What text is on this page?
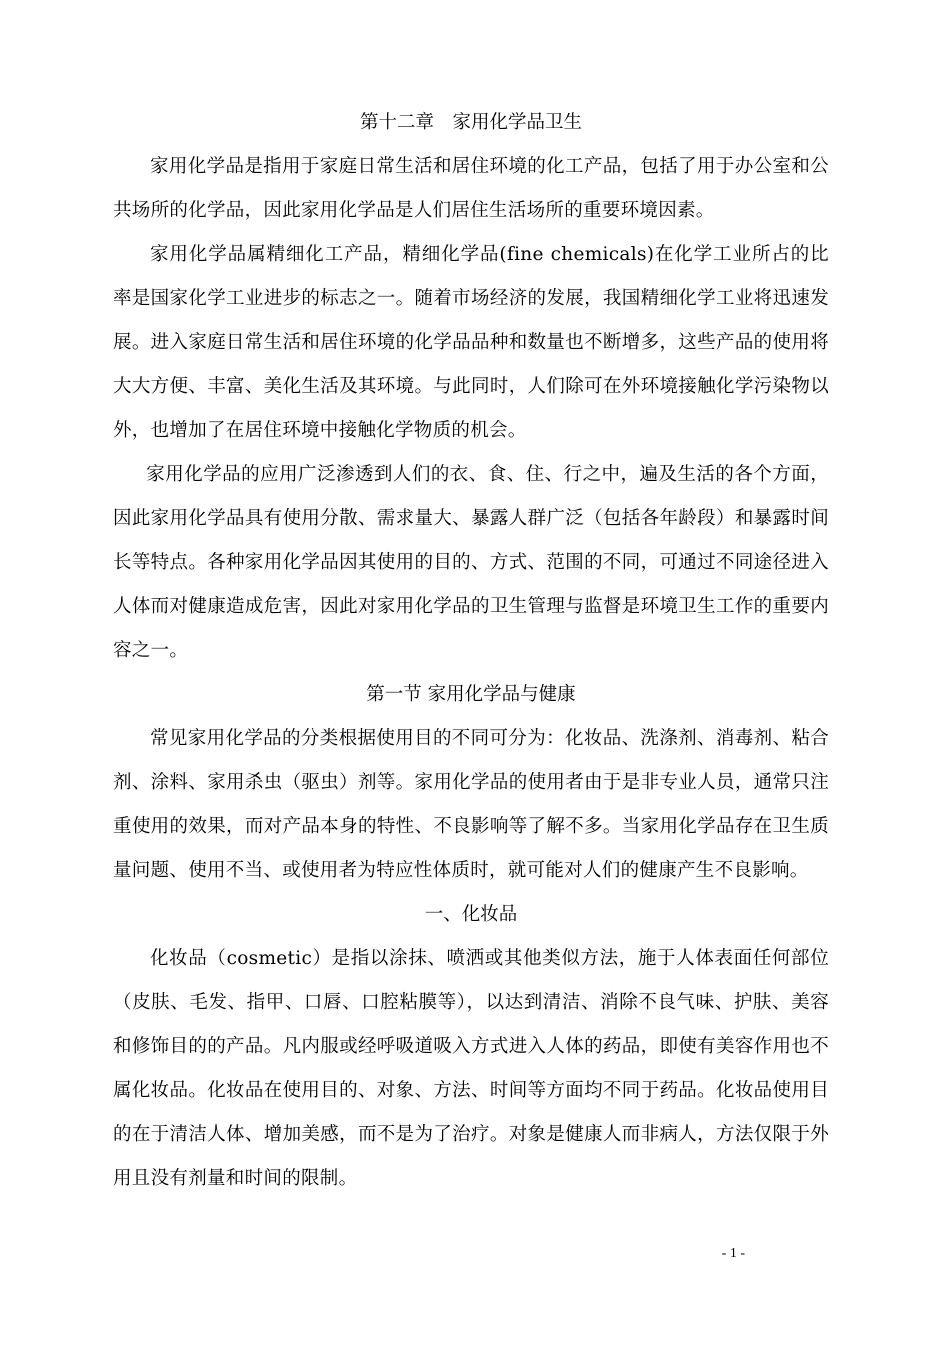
第十二章　家用化学品卫生

家用化学品是指用于家庭日常生活和居住环境的化工产品，包括了用于办公室和公共场所的化学品，因此家用化学品是人们居住生活场所的重要环境因素。

家用化学品属精细化工产品，精细化学品(fine chemicals)在化学工业所占的比率是国家化学工业进步的标志之一。随着市场经济的发展，我国精细化学工业将迅速发展。进入家庭日常生活和居住环境的化学品品种和数量也不断增多，这些产品的使用将大大方便、丰富、美化生活及其环境。与此同时，人们除可在外环境接触化学污染物以外，也增加了在居住环境中接触化学物质的机会。

家用化学品的应用广泛渗透到人们的衣、食、住、行之中，遍及生活的各个方面，因此家用化学品具有使用分散、需求量大、暴露人群广泛（包括各年龄段）和暴露时间长等特点。各种家用化学品因其使用的目的、方式、范围的不同，可通过不同途径进入人体而对健康造成危害，因此对家用化学品的卫生管理与监督是环境卫生工作的重要内容之一。

第一节 家用化学品与健康

常见家用化学品的分类根据使用目的不同可分为：化妆品、洗涤剂、消毒剂、粘合剂、涂料、家用杀虫（驱虫）剂等。家用化学品的使用者由于是非专业人员，通常只注重使用的效果，而对产品本身的特性、不良影响等了解不多。当家用化学品存在卫生质量问题、使用不当、或使用者为特应性体质时，就可能对人们的健康产生不良影响。

一、化妆品

化妆品（cosmetic）是指以涂抹、喷洒或其他类似方法，施于人体表面任何部位（皮肤、毛发、指甲、口唇、口腔粘膜等），以达到清洁、消除不良气味、护肤、美容和修饰目的的产品。凡内服或经呼吸道吸入方式进入人体的药品，即使有美容作用也不属化妆品。化妆品在使用目的、对象、方法、时间等方面均不同于药品。化妆品使用目的在于清洁人体、增加美感，而不是为了治疗。对象是健康人而非病人，方法仅限于外用且没有剂量和时间的限制。

- 1 -
